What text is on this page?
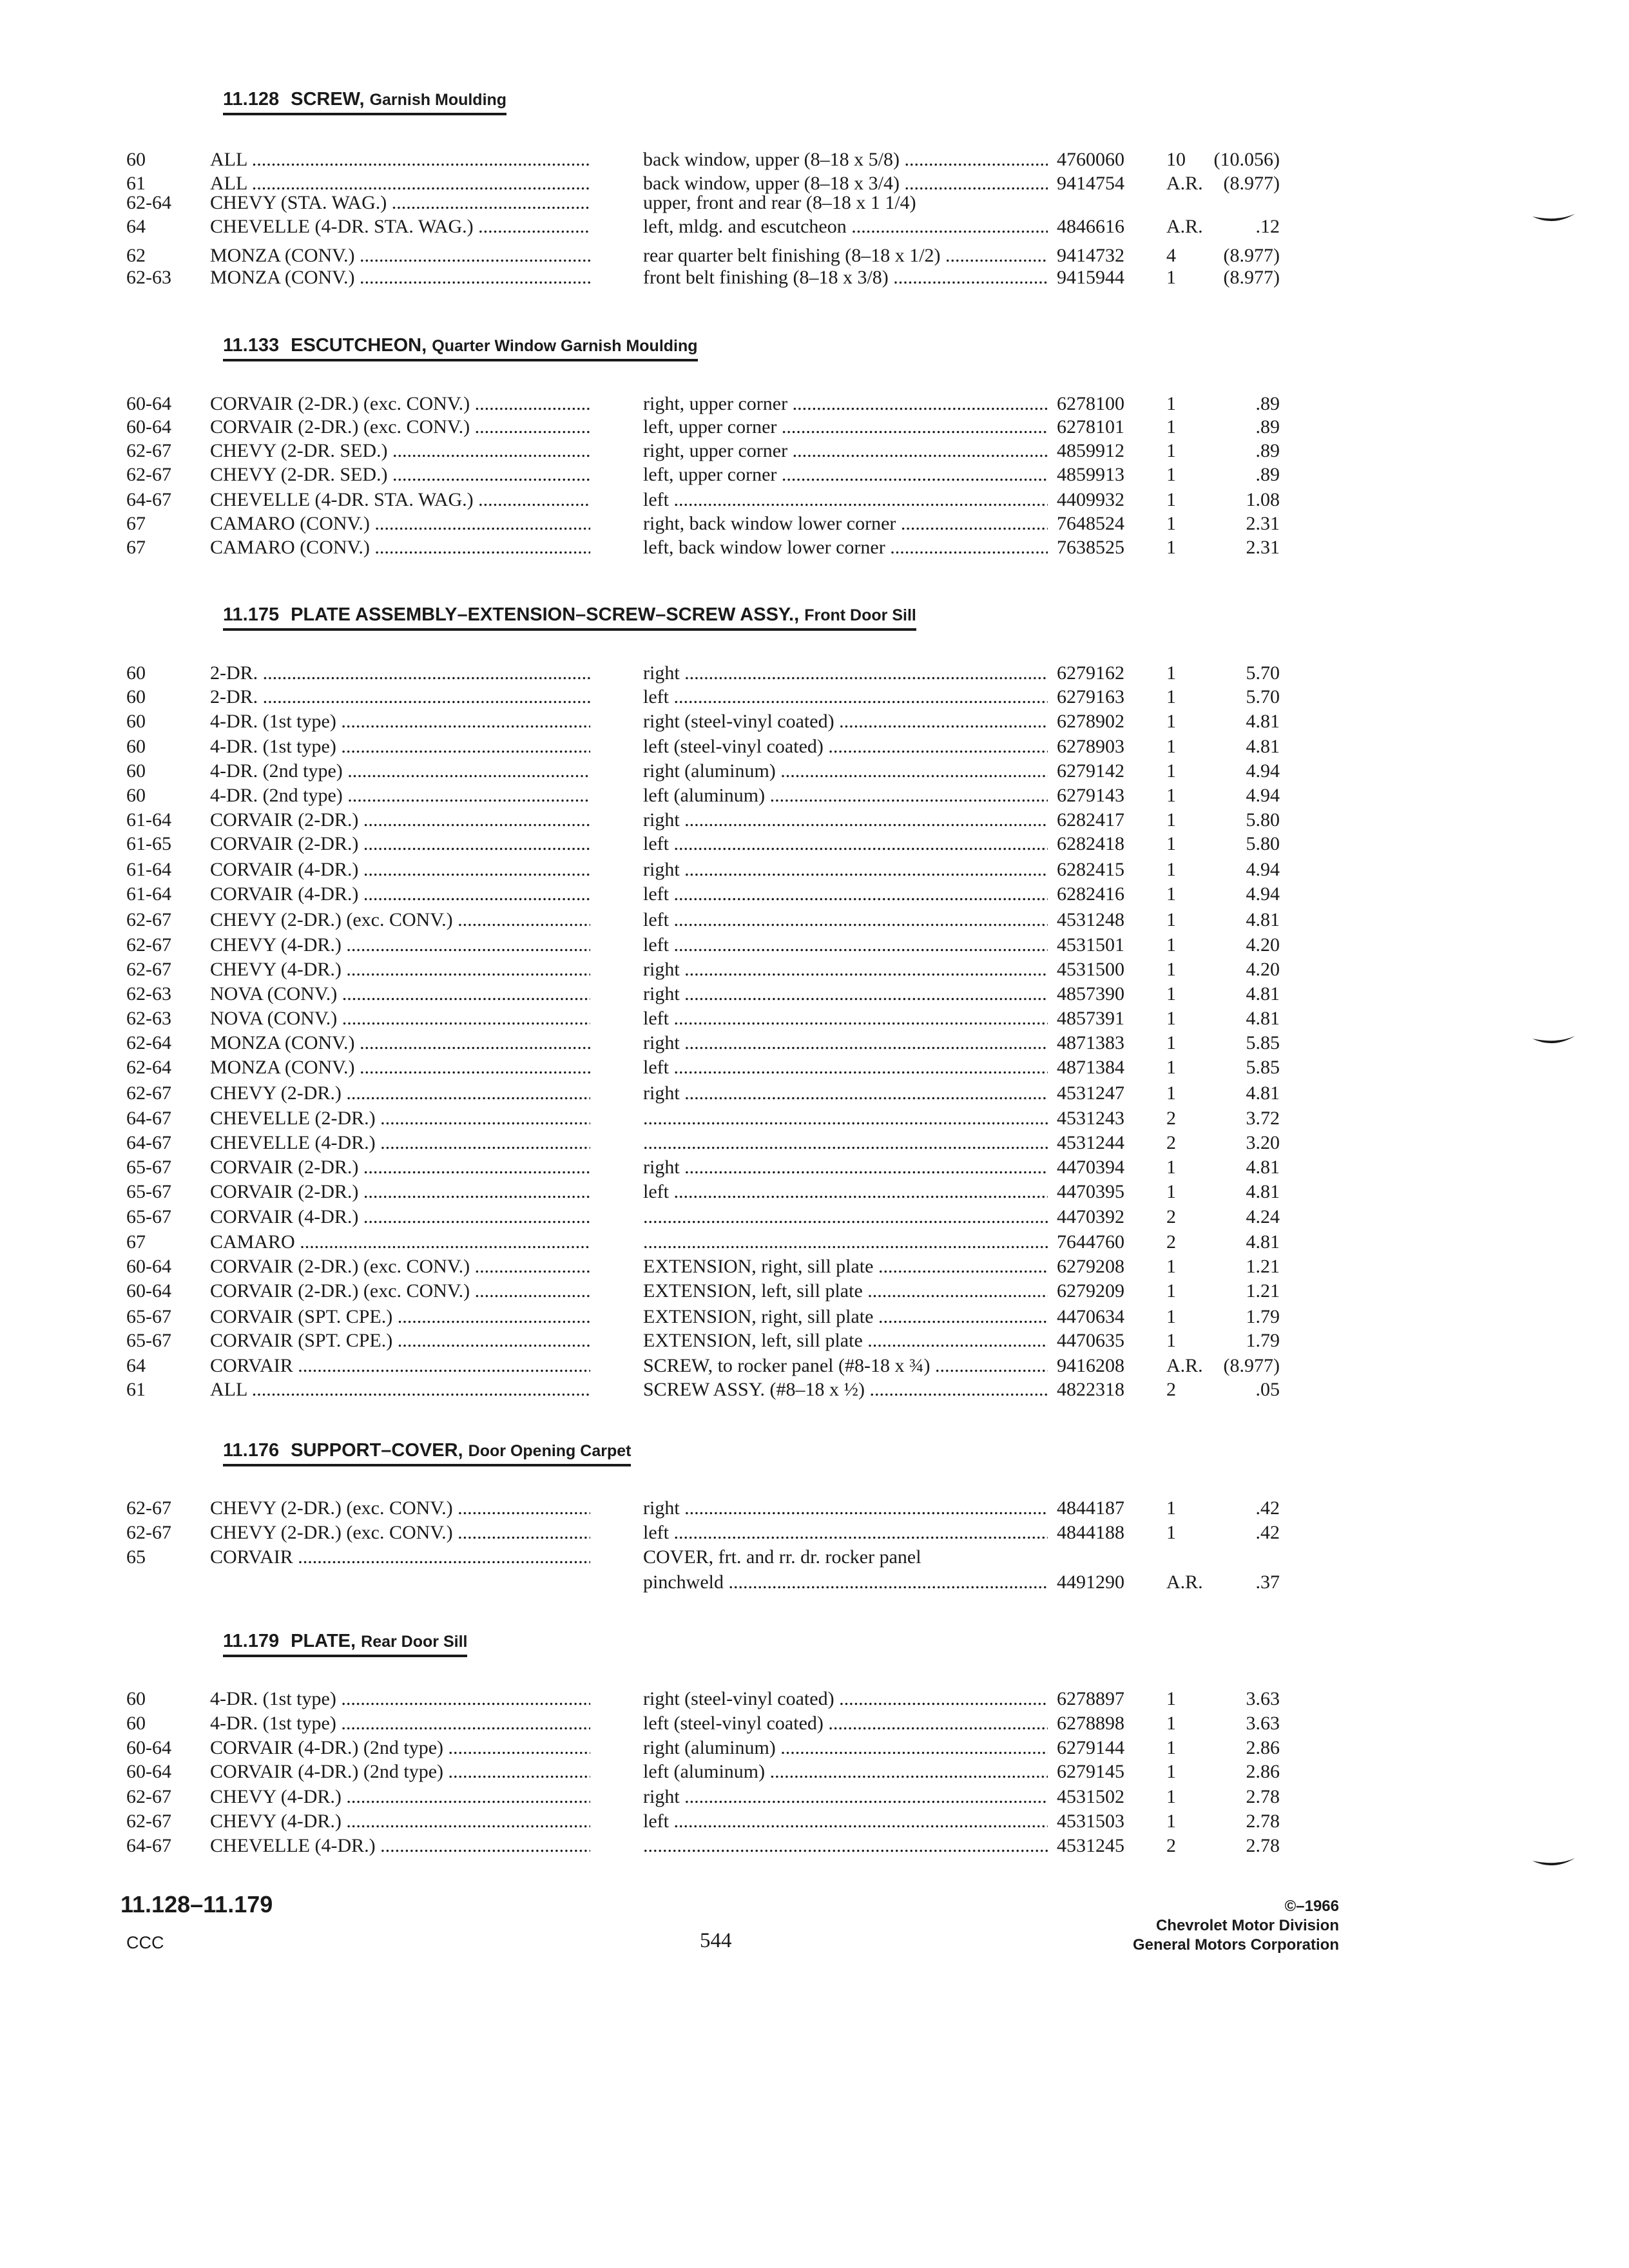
11.128 SCREW, Garnish Moulding
60	ALL .....	back window, upper (8–18 x 5/8) .....	4760060 10	(10.056)
61	ALL .....	back window, upper (8–18 x 3/4) .....	9414754 A.R.	(8.977)
62-64 CHEVY (STA. WAG.) .....	upper, front and rear (8–18 x 1 1/4)
64	CHEVELLE (4-DR. STA. WAG.) .....	left, mldg. and escutcheon .....	4846616 A.R.	.12
62	MONZA (CONV.) .....	rear quarter belt finishing (8–18 x 1/2) .....	9414732 4	(8.977)
62-63 MONZA (CONV.) .....	front belt finishing (8–18 x 3/8) .....	9415944 1	(8.977)
11.133 ESCUTCHEON, Quarter Window Garnish Moulding
60-64 CORVAIR (2-DR.) (exc. CONV.) .....	right, upper corner .....	6278100 1	.89
60-64 CORVAIR (2-DR.) (exc. CONV.) .....	left, upper corner .....	6278101 1	.89
62-67 CHEVY (2-DR. SED.) .....	right, upper corner .....	4859912 1	.89
62-67 CHEVY (2-DR. SED.) .....	left, upper corner .....	4859913 1	.89
64-67 CHEVELLE (4-DR. STA. WAG.) .....	left .....	4409932 1	1.08
67	CAMARO (CONV.) .....	right, back window lower corner .....	7648524 1	2.31
67	CAMARO (CONV.) .....	left, back window lower corner .....	7638525 1	2.31
11.175 PLATE ASSEMBLY–EXTENSION–SCREW–SCREW ASSY., Front Door Sill
60	2-DR. .....	right .....	6279162 1	5.70
60	2-DR. .....	left .....	6279163 1	5.70
60	4-DR. (1st type) .....	right (steel-vinyl coated) .....	6278902 1	4.81
60	4-DR. (1st type) .....	left (steel-vinyl coated) .....	6278903 1	4.81
60	4-DR. (2nd type) .....	right (aluminum) .....	6279142 1	4.94
60	4-DR. (2nd type) .....	left (aluminum) .....	6279143 1	4.94
61-64 CORVAIR (2-DR.) .....	right .....	6282417 1	5.80
61-65 CORVAIR (2-DR.) .....	left .....	6282418 1	5.80
61-64 CORVAIR (4-DR.) .....	right .....	6282415 1	4.94
61-64 CORVAIR (4-DR.) .....	left .....	6282416 1	4.94
62-67 CHEVY (2-DR.) (exc. CONV.) .....	left .....	4531248 1	4.81
62-67 CHEVY (4-DR.) .....	left .....	4531501 1	4.20
62-67 CHEVY (4-DR.) .....	right .....	4531500 1	4.20
62-63 NOVA (CONV.) .....	right .....	4857390 1	4.81
62-63 NOVA (CONV.) .....	left .....	4857391 1	4.81
62-64 MONZA (CONV.) .....	right .....	4871383 1	5.85
62-64 MONZA (CONV.) .....	left .....	4871384 1	5.85
62-67 CHEVY (2-DR.) .....	right .....	4531247 1	4.81
64-67 CHEVELLE (2-DR.) ..... .....	4531243 2	3.72
64-67 CHEVELLE (4-DR.) ..... .....	4531244 2	3.20
65-67 CORVAIR (2-DR.) .....	right .....	4470394 1	4.81
65-67 CORVAIR (2-DR.) .....	left .....	4470395 1	4.81
65-67 CORVAIR (4-DR.) ..... .....	4470392 2	4.24
67	CAMARO ..... .....	7644760 2	4.81
60-64 CORVAIR (2-DR.) (exc. CONV.) .....	EXTENSION, right, sill plate .....	6279208 1	1.21
60-64 CORVAIR (2-DR.) (exc. CONV.) .....	EXTENSION, left, sill plate .....	6279209 1	1.21
65-67 CORVAIR (SPT. CPE.) .....	EXTENSION, right, sill plate .....	4470634 1	1.79
65-67 CORVAIR (SPT. CPE.) .....	EXTENSION, left, sill plate .....	4470635 1	1.79
64	CORVAIR .....	SCREW, to rocker panel (#8-18 x ¾) .....	9416208 A.R.	(8.977)
61	ALL .....	SCREW ASSY. (#8–18 x ½) .....	4822318 2	.05
11.176 SUPPORT–COVER, Door Opening Carpet
62-67 CHEVY (2-DR.) (exc. CONV.) .....	right .....	4844187 1	.42
62-67 CHEVY (2-DR.) (exc. CONV.) .....	left .....	4844188 1	.42
65	CORVAIR .....	COVER, frt. and rr. dr. rocker panel
pinchweld .....	4491290 A.R.	.37
11.179 PLATE, Rear Door Sill
60	4-DR. (1st type) .....	right (steel-vinyl coated) .....	6278897 1	3.63
60	4-DR. (1st type) .....	left (steel-vinyl coated) .....	6278898 1	3.63
60-64 CORVAIR (4-DR.) (2nd type) .....	right (aluminum) .....	6279144 1	2.86
60-64 CORVAIR (4-DR.) (2nd type) .....	left (aluminum) .....	6279145 1	2.86
62-67 CHEVY (4-DR.) .....	right .....	4531502 1	2.78
62-67 CHEVY (4-DR.) .....	left .....	4531503 1	2.78
64-67 CHEVELLE (4-DR.) ..... .....	4531245 2	2.78
11.128–11.179
CCC	544
©–1966
Chevrolet Motor Division
General Motors Corporation
